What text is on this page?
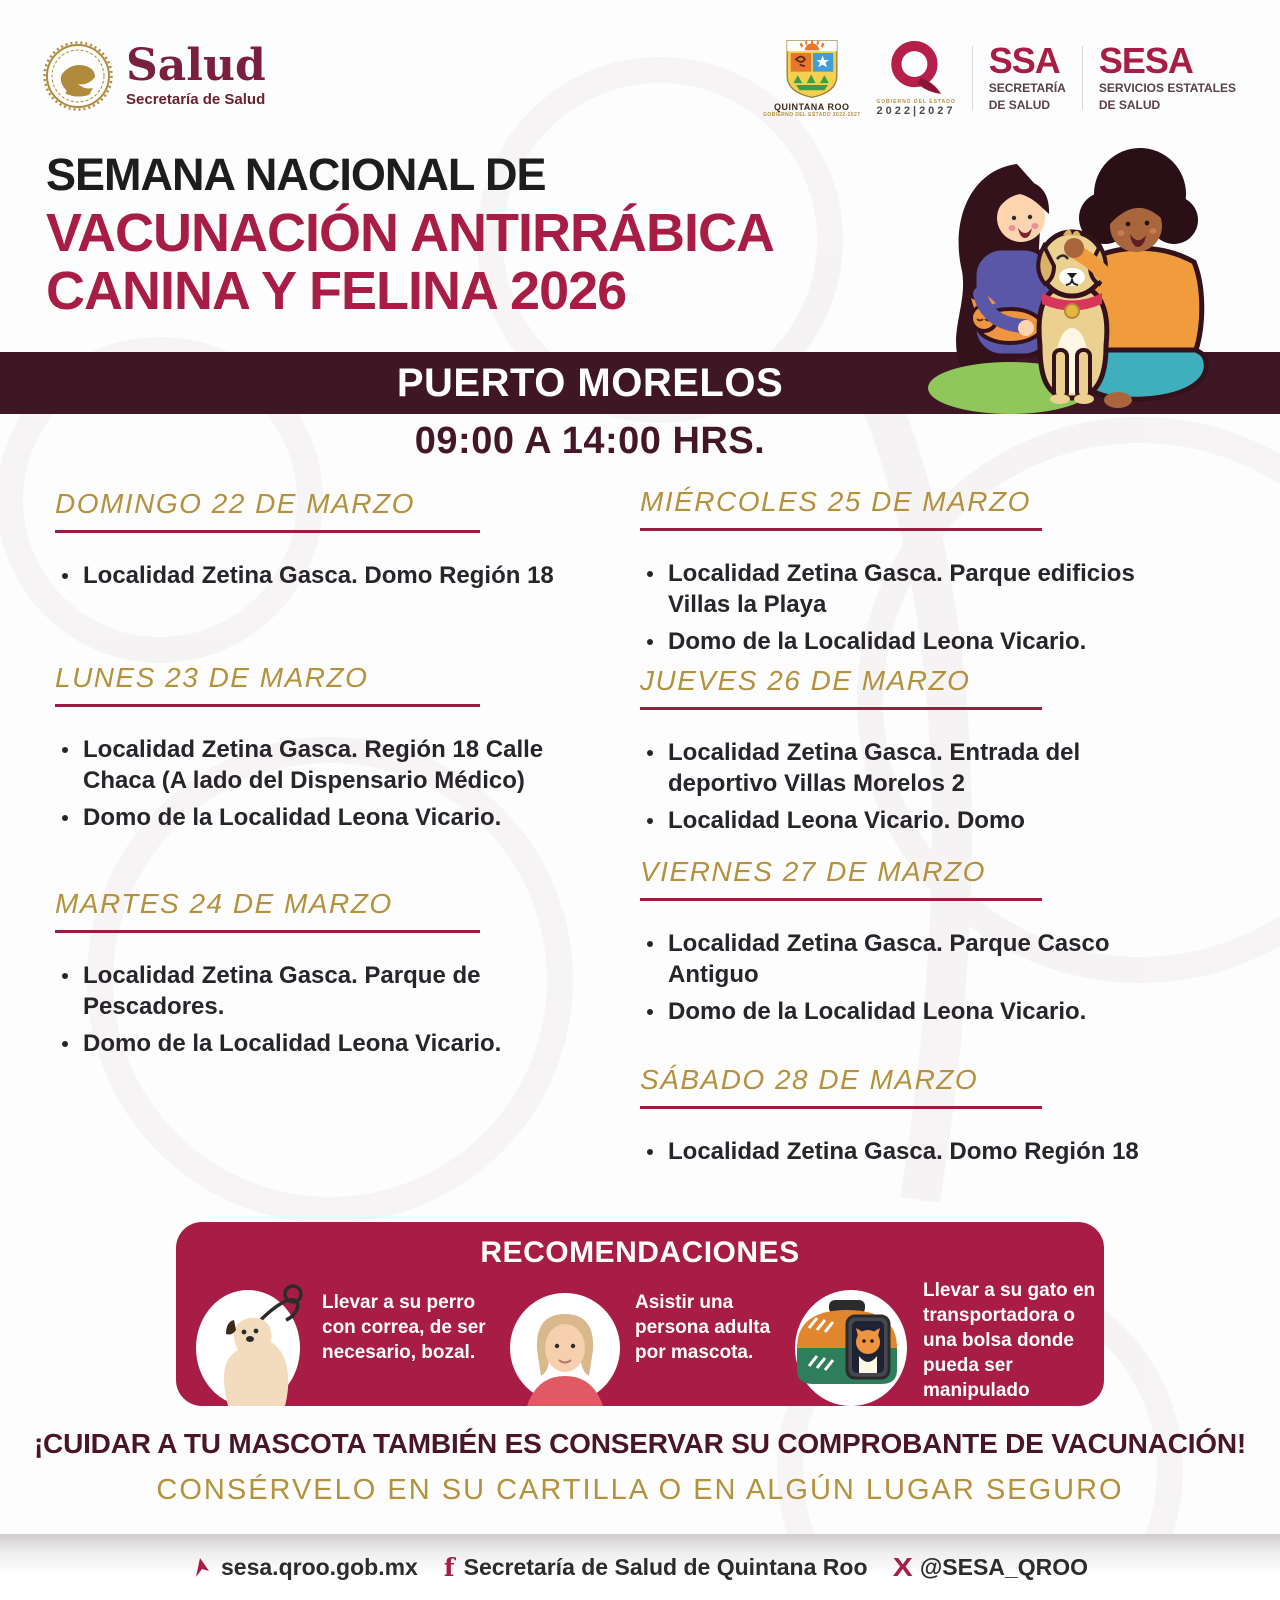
Salud
Secretaría de Salud	QUINTANA ROO
GOBIERNO DEL ESTADO 2022-2027
GOBIERNO DEL ESTADO
2022|2027
SSA
SECRETARÍA
DE SALUD
SESA
SERVICIOS ESTATALES
DE SALUD
SEMANA NACIONAL DE
VACUNACIÓN ANTIRRÁBICA
CANINA Y FELINA 2026
PUERTO MORELOS
09:00 A 14:00 HRS.
DOMINGO 22 DE MARZO
Localidad Zetina Gasca. Domo Región 18
LUNES 23 DE MARZO
Localidad Zetina Gasca. Región 18 Calle Chaca (A lado del Dispensario Médico)
Domo de la Localidad Leona Vicario.
MARTES 24 DE MARZO
Localidad Zetina Gasca. Parque de Pescadores.
Domo de la Localidad Leona Vicario.
MIÉRCOLES 25 DE MARZO
Localidad Zetina Gasca. Parque edificios Villas la Playa
Domo de la Localidad Leona Vicario.
JUEVES 26 DE MARZO
Localidad Zetina Gasca. Entrada del deportivo Villas Morelos 2
Localidad Leona Vicario. Domo
VIERNES 27 DE MARZO
Localidad Zetina Gasca. Parque Casco Antiguo
Domo de la Localidad Leona Vicario.
SÁBADO 28 DE MARZO
Localidad Zetina Gasca. Domo Región 18
RECOMENDACIONES
Llevar a su perro con correa, de ser necesario, bozal.
Asistir una persona adulta por mascota.
Llevar a su gato en transportadora o una bolsa donde pueda ser manipulado
¡CUIDAR A TU MASCOTA TAMBIÉN ES CONSERVAR SU COMPROBANTE DE VACUNACIÓN!
CONSÉRVELO EN SU CARTILLA O EN ALGÚN LUGAR SEGURO
sesa.qroo.gob.mx f Secretaría de Salud de Quintana Roo X @SESA_QROO
